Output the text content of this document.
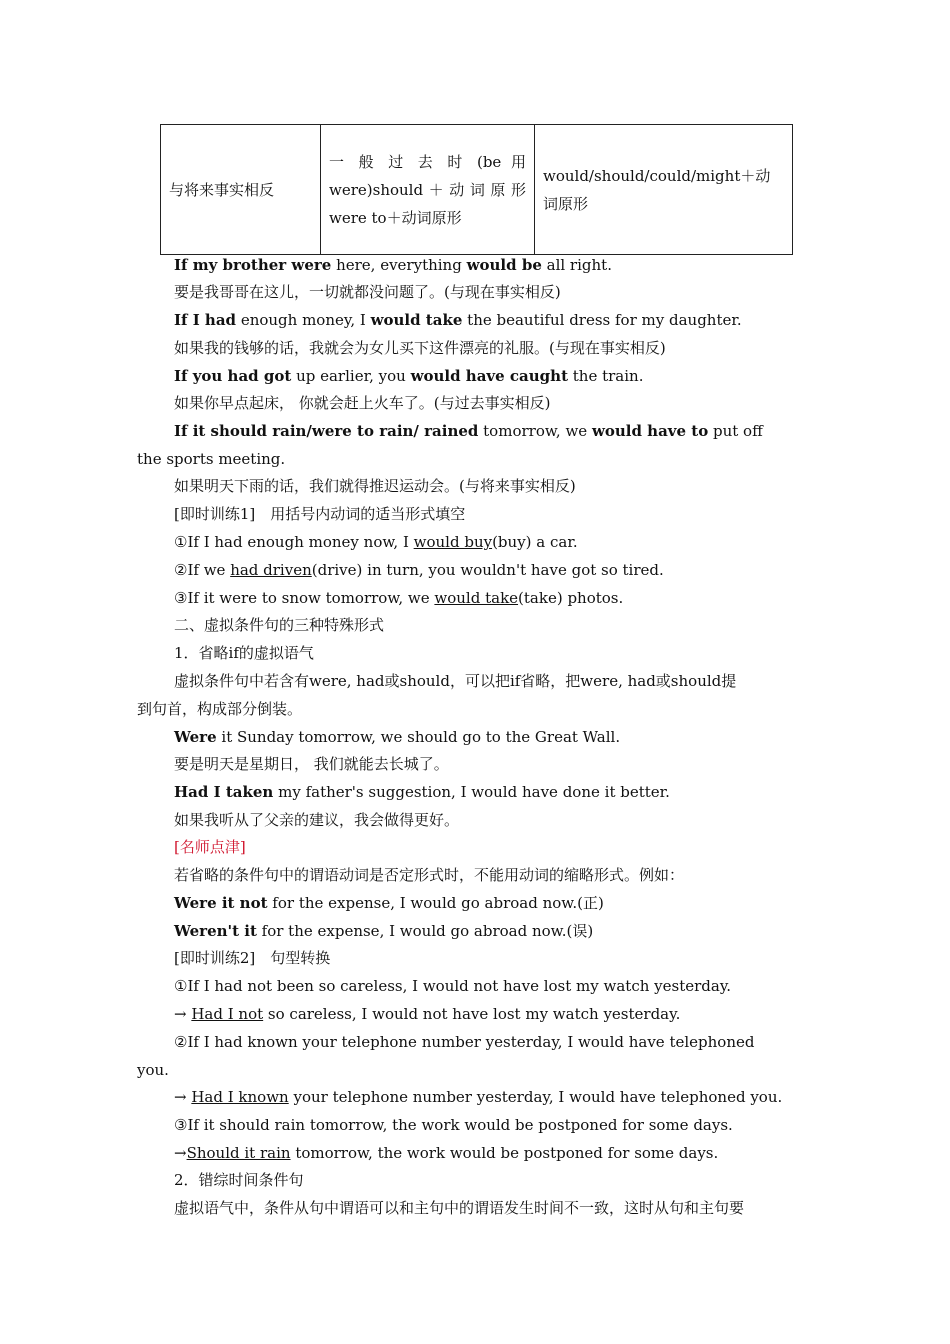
与将来事实相反	一 般 过 去 时 (be 用 were)should＋动词原形 were to＋动词原形	would/should/could/might＋动词原形
If my brother were here, everything would be all right.
要是我哥哥在这儿，一切就都没问题了。(与现在事实相反)
If I had enough money, I would take the beautiful dress for my daughter.
如果我的钱够的话，我就会为女儿买下这件漂亮的礼服。(与现在事实相反)
If you had got up earlier, you would have caught the train.
如果你早点起床， 你就会赶上火车了。(与过去事实相反)
If it should rain/were to rain/ rained tomorrow, we would have to put off
the sports meeting.
如果明天下雨的话，我们就得推迟运动会。(与将来事实相反)
[即时训练1]　用括号内动词的适当形式填空
①If I had enough money now, I would buy(buy) a car.
②If we had driven(drive) in turn, you wouldn't have got so tired.
③If it were to snow tomorrow, we would take(take) photos.
二、虚拟条件句的三种特殊形式
1．省略if的虚拟语气
虚拟条件句中若含有were, had或should，可以把if省略，把were, had或should提
到句首，构成部分倒装。
Were it Sunday tomorrow, we should go to the Great Wall.
要是明天是星期日， 我们就能去长城了。
Had I taken my father's suggestion, I would have done it better.
如果我听从了父亲的建议，我会做得更好。
[名师点津]
若省略的条件句中的谓语动词是否定形式时，不能用动词的缩略形式。例如：
Were it not for the expense, I would go abroad now.(正)
Weren't it for the expense, I would go abroad now.(误)
[即时训练2]　句型转换
①If I had not been so careless, I would not have lost my watch yesterday.
→ Had I not so careless, I would not have lost my watch yesterday.
②If I had known your telephone number yesterday, I would have telephoned
you.
→ Had I known your telephone number yesterday, I would have telephoned you.
③If it should rain tomorrow, the work would be postponed for some days.
→Should it rain tomorrow, the work would be postponed for some days.
2．错综时间条件句
虚拟语气中，条件从句中谓语可以和主句中的谓语发生时间不一致，这时从句和主句要
